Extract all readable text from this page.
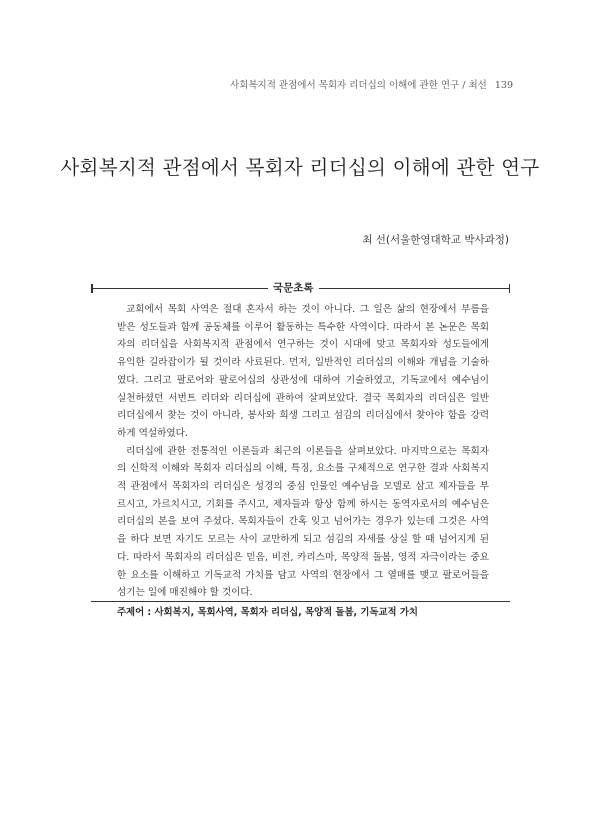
사회복지적 관점에서 목회자 리더십의 이해에 관한 연구 / 최선 139
사회복지적 관점에서 목회자 리더십의 이해에 관한 연구
최 선(서울한영대학교 박사과정)
국문초록
교회에서 목회 사역은 절대 혼자서 하는 것이 아니다. 그 일은 삶의 현장에서 부름을
받은 성도들과 함께 공동체를 이루어 활동하는 특수한 사역이다. 따라서 본 논문은 목회
자의 리더십을 사회복지적 관점에서 연구하는 것이 시대에 맞고 목회자와 성도들에게
유익한 길라잡이가 될 것이라 사료된다. 먼저, 일반적인 리더십의 이해와 개념을 기술하
였다. 그리고 팔로어와 팔로어십의 상관성에 대하여 기술하였고, 기독교에서 예수님이
실천하셨던 서번트 리더와 리더십에 관하여 살펴보았다. 결국 목회자의 리더십은 일반
리더십에서 찾는 것이 아니라, 봉사와 희생 그리고 섬김의 리더십에서 찾아야 함을 강력
하게 역설하였다.
리더십에 관한 전통적인 이론들과 최근의 이론들을 살펴보았다. 마지막으로는 목회자
의 신학적 이해와 목회자 리더십의 이해, 특징, 요소를 구체적으로 연구한 결과 사회복지
적 관점에서 목회자의 리더십은 성경의 중심 인물인 예수님을 모델로 삼고 제자들을 부
르시고, 가르치시고, 기회를 주시고, 제자들과 항상 함께 하시는 동역자로서의 예수님은
리더십의 본을 보여 주셨다. 목회자들이 간혹 잊고 넘어가는 경우가 있는데 그것은 사역
을 하다 보면 자기도 모르는 사이 교만하게 되고 섬김의 자세를 상실 할 때 넘어지게 된
다. 따라서 목회자의 리더십은 믿음, 비전, 카리스마, 목양적 돌봄, 영적 자극이라는 중요
한 요소를 이해하고 기독교적 가치를 담고 사역의 현장에서 그 열매를 맺고 팔로어들을
섬기는 일에 매진해야 할 것이다.
주제어 : 사회복지, 목회사역, 목회자 리더십, 목양적 돌봄, 기독교적 가치
